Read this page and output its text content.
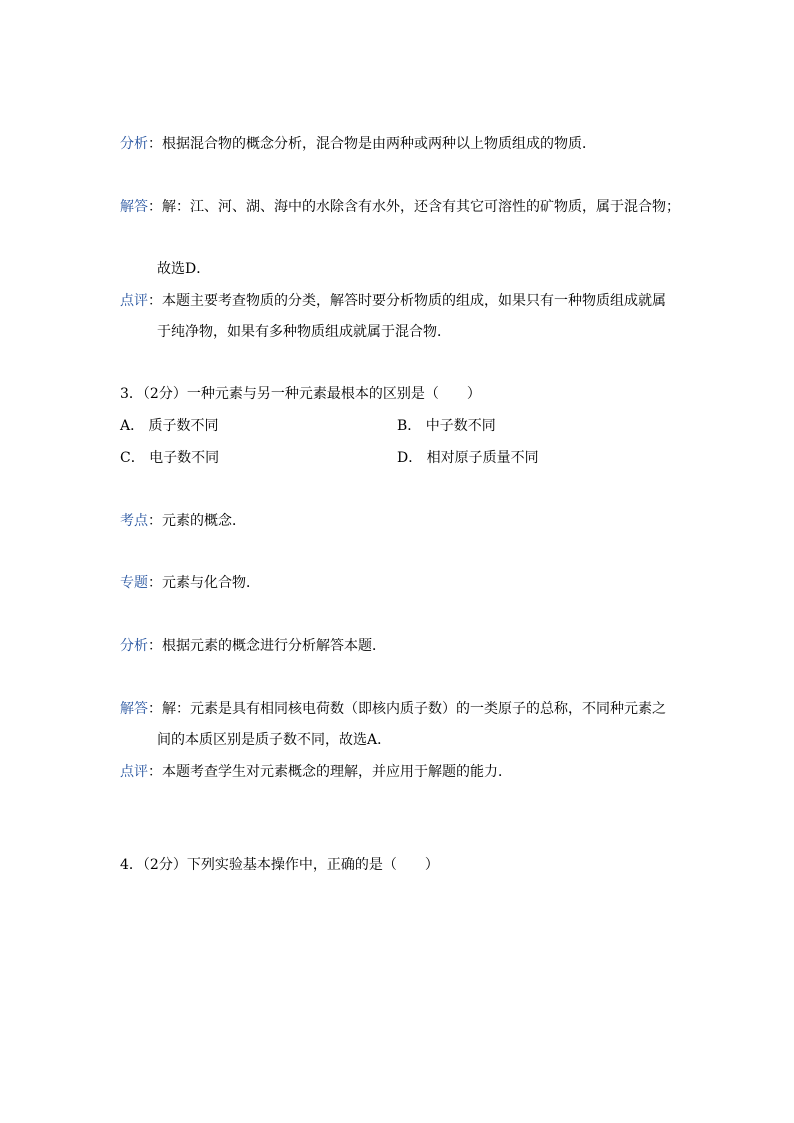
分析：根据混合物的概念分析，混合物是由两种或两种以上物质组成的物质．
解答：解：江、河、湖、海中的水除含有水外，还含有其它可溶性的矿物质，属于混合物；
故选D．
点评：本题主要考查物质的分类，解答时要分析物质的组成，如果只有一种物质组成就属
于纯净物，如果有多种物质组成就属于混合物．
3．（2分）一种元素与另一种元素最根本的区别是（　　）
A． 质子数不同	B． 中子数不同
C． 电子数不同	D． 相对原子质量不同
考点：元素的概念．
专题：元素与化合物．
分析：根据元素的概念进行分析解答本题．
解答：解：元素是具有相同核电荷数（即核内质子数）的一类原子的总称，不同种元素之
间的本质区别是质子数不同，故选A．
点评：本题考查学生对元素概念的理解，并应用于解题的能力．
4．（2分）下列实验基本操作中，正确的是（　　）
